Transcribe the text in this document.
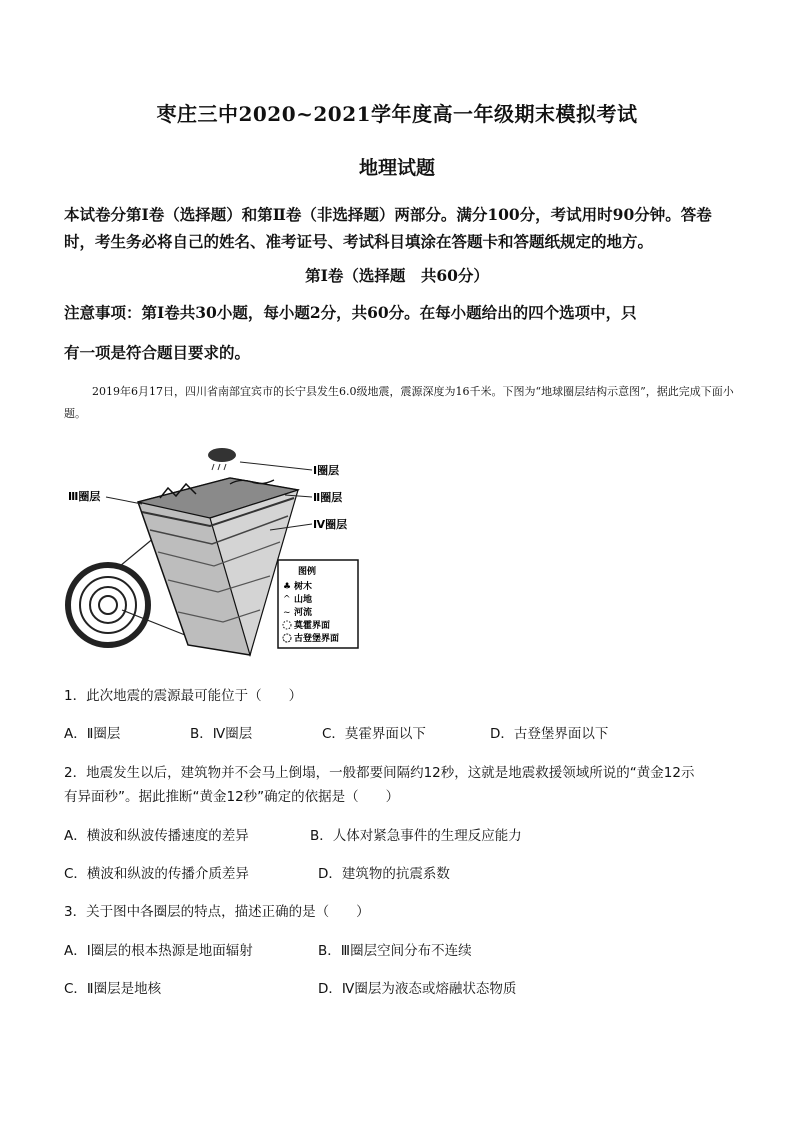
枣庄三中2020~2021学年度高一年级期末模拟考试
地理试题
本试卷分第Ⅰ卷（选择题）和第Ⅱ卷（非选择题）两部分。满分100分，考试用时90分钟。答卷时，考生务必将自己的姓名、准考证号、考试科目填涂在答题卡和答题纸规定的地方。
第Ⅰ卷（选择题　共60分）
注意事项：第Ⅰ卷共30小题，每小题2分，共60分。在每小题给出的四个选项中，只
有一项是符合题目要求的。
2019年6月17日，四川省南部宜宾市的长宁县发生6.0级地震，震源深度为16千米。下图为“地球圈层结构示意图”，据此完成下面小题。
Ⅰ圈层
Ⅱ圈层
Ⅲ圈层
Ⅳ圈层
图例
♣ 树木
^ 山地
~ 河流
莫霍界面
古登堡界面
1．此次地震的震源最可能位于（　　）
A．Ⅱ圈层	B．Ⅳ圈层	C．莫霍界面以下	D．古登堡界面以下
2．地震发生以后，建筑物并不会马上倒塌，一般都要间隔约12秒，这就是地震救援领域所说的“黄金12示
有异面秒”。据此推断“黄金12秒”确定的依据是（　　）
A．横波和纵波传播速度的差异	B．人体对紧急事件的生理反应能力
C．横波和纵波的传播介质差异	D．建筑物的抗震系数
3．关于图中各圈层的特点，描述正确的是（　　）
A．Ⅰ圈层的根本热源是地面辐射	B．Ⅲ圈层空间分布不连续
C．Ⅱ圈层是地核	D．Ⅳ圈层为液态或熔融状态物质
